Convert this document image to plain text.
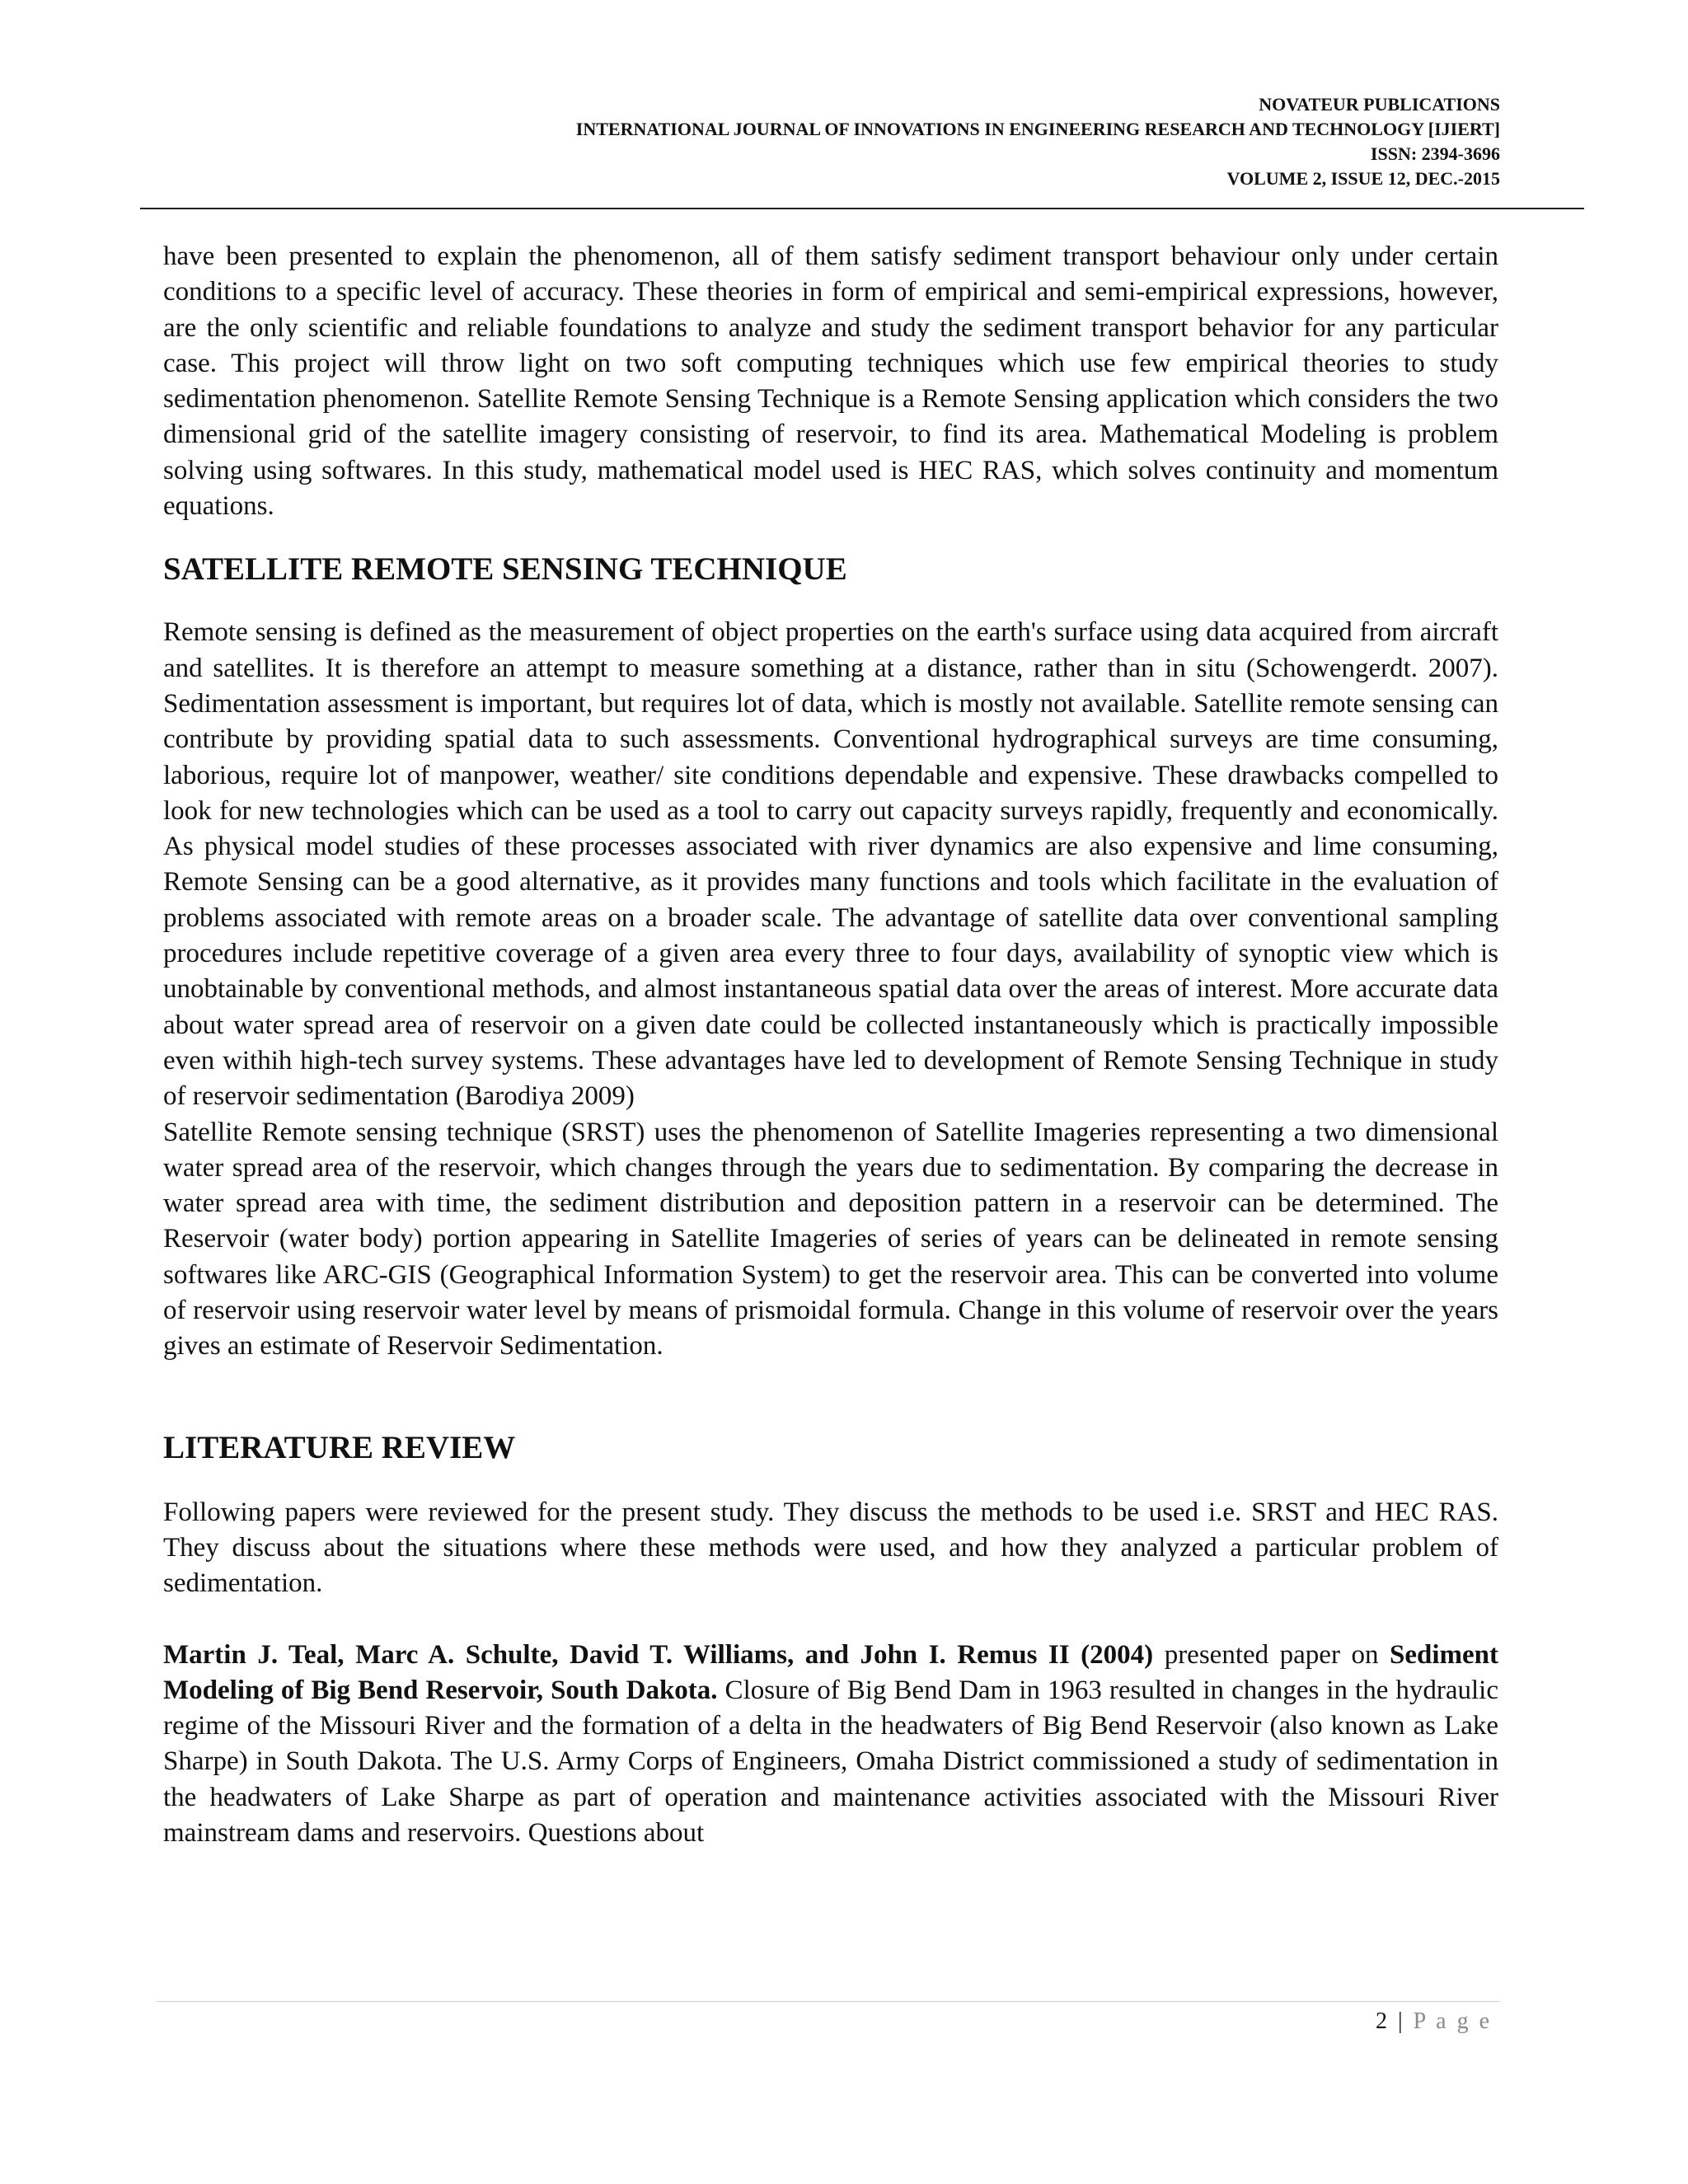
NOVATEUR PUBLICATIONS
INTERNATIONAL JOURNAL OF INNOVATIONS IN ENGINEERING RESEARCH AND TECHNOLOGY [IJIERT]
ISSN: 2394-3696
VOLUME 2, ISSUE 12, DEC.-2015

have been presented to explain the phenomenon, all of them satisfy sediment transport behaviour only under certain conditions to a specific level of accuracy. These theories in form of empirical and semi-empirical expressions, however, are the only scientific and reliable foundations to analyze and study the sediment transport behavior for any particular case. This project will throw light on two soft computing techniques which use few empirical theories to study sedimentation phenomenon. Satellite Remote Sensing Technique is a Remote Sensing application which considers the two dimensional grid of the satellite imagery consisting of reservoir, to find its area. Mathematical Modeling is problem solving using softwares. In this study, mathematical model used is HEC RAS, which solves continuity and momentum equations.

SATELLITE REMOTE SENSING TECHNIQUE

Remote sensing is defined as the measurement of object properties on the earth's surface using data acquired from aircraft and satellites. It is therefore an attempt to measure something at a distance, rather than in situ (Schowengerdt. 2007). Sedimentation assessment is important, but requires lot of data, which is mostly not available. Satellite remote sensing can contribute by providing spatial data to such assessments. Conventional hydrographical surveys are time consuming, laborious, require lot of manpower, weather/ site conditions dependable and expensive. These drawbacks compelled to look for new technologies which can be used as a tool to carry out capacity surveys rapidly, frequently and economically. As physical model studies of these processes associated with river dynamics are also expensive and lime consuming, Remote Sensing can be a good alternative, as it provides many functions and tools which facilitate in the evaluation of problems associated with remote areas on a broader scale. The advantage of satellite data over conventional sampling procedures include repetitive coverage of a given area every three to four days, availability of synoptic view which is unobtainable by conventional methods, and almost instantaneous spatial data over the areas of interest. More accurate data about water spread area of reservoir on a given date could be collected instantaneously which is practically impossible even withih high-tech survey systems. These advantages have led to development of Remote Sensing Technique in study of reservoir sedimentation (Barodiya 2009)

Satellite Remote sensing technique (SRST) uses the phenomenon of Satellite Imageries representing a two dimensional water spread area of the reservoir, which changes through the years due to sedimentation. By comparing the decrease in water spread area with time, the sediment distribution and deposition pattern in a reservoir can be determined. The Reservoir (water body) portion appearing in Satellite Imageries of series of years can be delineated in remote sensing softwares like ARC-GIS (Geographical Information System) to get the reservoir area. This can be converted into volume of reservoir using reservoir water level by means of prismoidal formula. Change in this volume of reservoir over the years gives an estimate of Reservoir Sedimentation.

LITERATURE REVIEW

Following papers were reviewed for the present study. They discuss the methods to be used i.e. SRST and HEC RAS. They discuss about the situations where these methods were used, and how they analyzed a particular problem of sedimentation.

Martin J. Teal, Marc A. Schulte, David T. Williams, and John I. Remus II (2004) presented paper on Sediment Modeling of Big Bend Reservoir, South Dakota. Closure of Big Bend Dam in 1963 resulted in changes in the hydraulic regime of the Missouri River and the formation of a delta in the headwaters of Big Bend Reservoir (also known as Lake Sharpe) in South Dakota. The U.S. Army Corps of Engineers, Omaha District commissioned a study of sedimentation in the headwaters of Lake Sharpe as part of operation and maintenance activities associated with the Missouri River mainstream dams and reservoirs. Questions about

2 | P a g e
